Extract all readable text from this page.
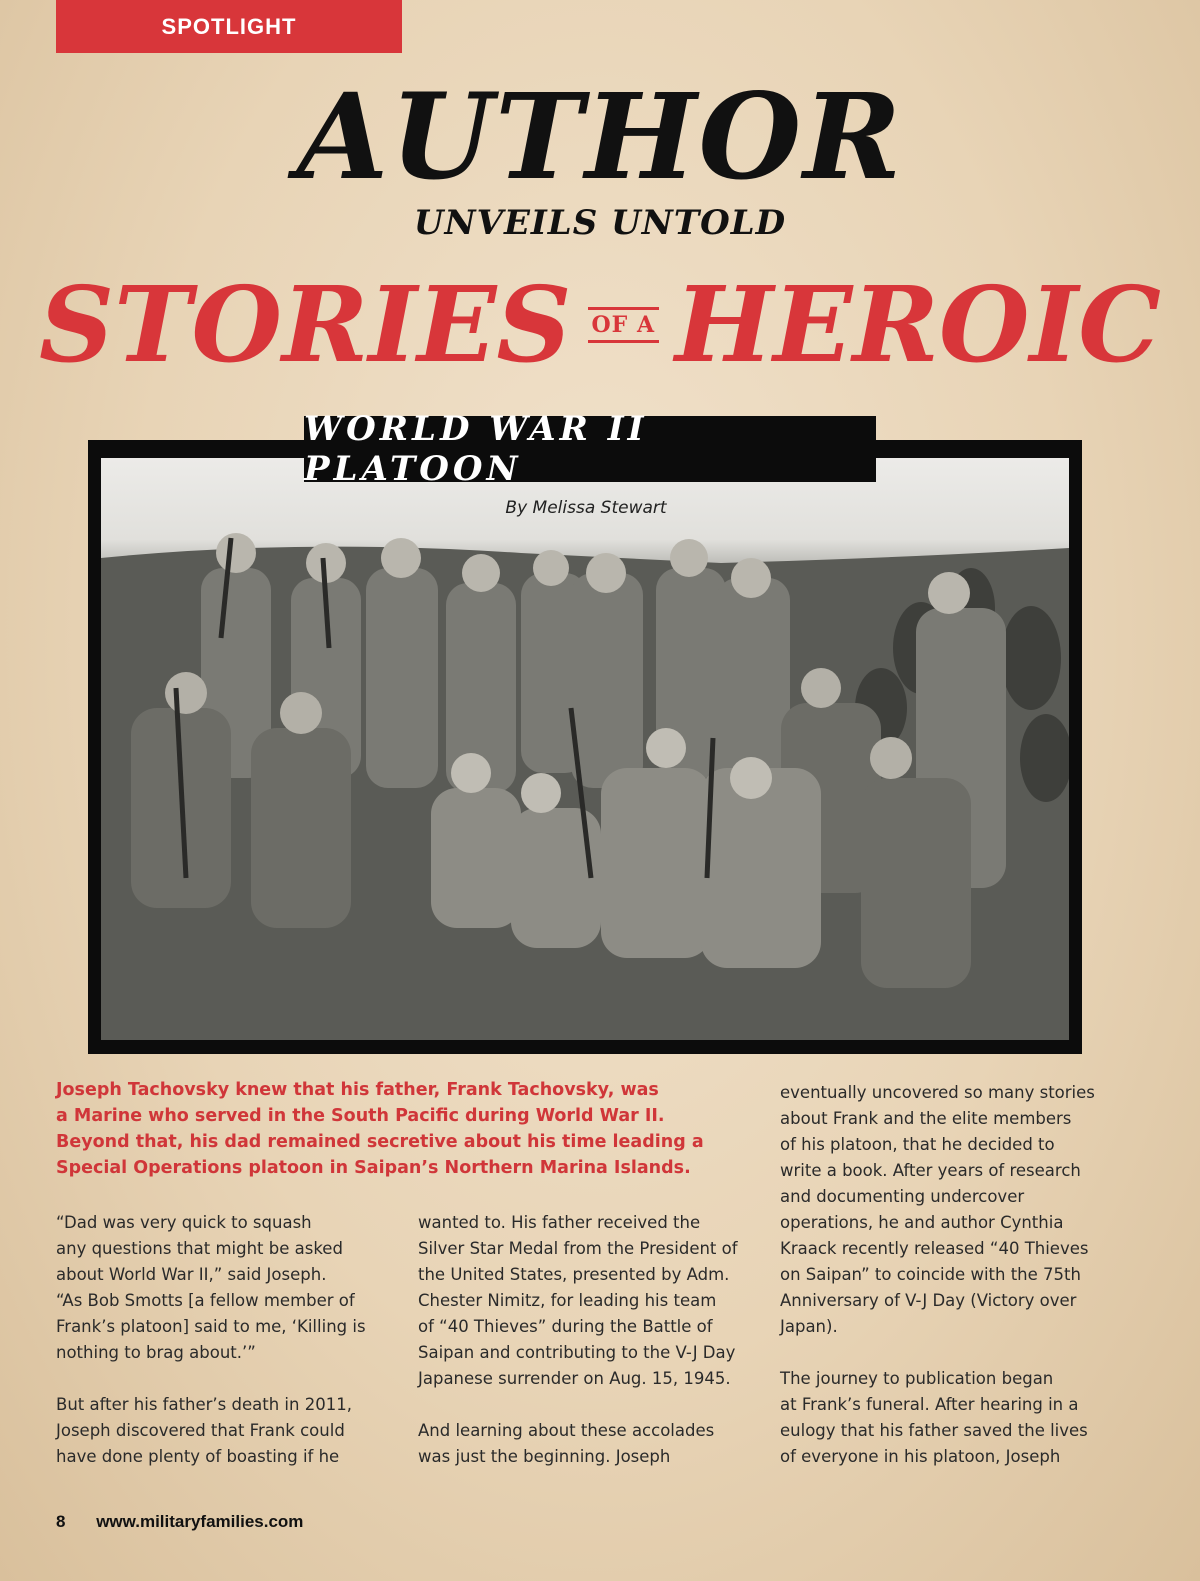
SPOTLIGHT
AUTHOR
UNVEILS UNTOLD
STORIES OF A HEROIC
WORLD WAR II PLATOON
By Melissa Stewart
Joseph Tachovsky knew that his father, Frank Tachovsky, was
a Marine who served in the South Pacific during World War II.
Beyond that, his dad remained secretive about his time leading a
Special Operations platoon in Saipan’s Northern Marina Islands.
“Dad was very quick to squash
any questions that might be asked
about World War II,” said Joseph.
“As Bob Smotts [a fellow member of
Frank’s platoon] said to me, ‘Killing is
nothing to brag about.’”
But after his father’s death in 2011,
Joseph discovered that Frank could
have done plenty of boasting if he
wanted to. His father received the
Silver Star Medal from the President of
the United States, presented by Adm.
Chester Nimitz, for leading his team
of “40 Thieves” during the Battle of
Saipan and contributing to the V-J Day
Japanese surrender on Aug. 15, 1945.
And learning about these accolades
was just the beginning. Joseph
eventually uncovered so many stories
about Frank and the elite members
of his platoon, that he decided to
write a book. After years of research
and documenting undercover
operations, he and author Cynthia
Kraack recently released “40 Thieves
on Saipan” to coincide with the 75th
Anniversary of V-J Day (Victory over
Japan).
The journey to publication began
at Frank’s funeral. After hearing in a
eulogy that his father saved the lives
of everyone in his platoon, Joseph
8 www.militaryfamilies.com
